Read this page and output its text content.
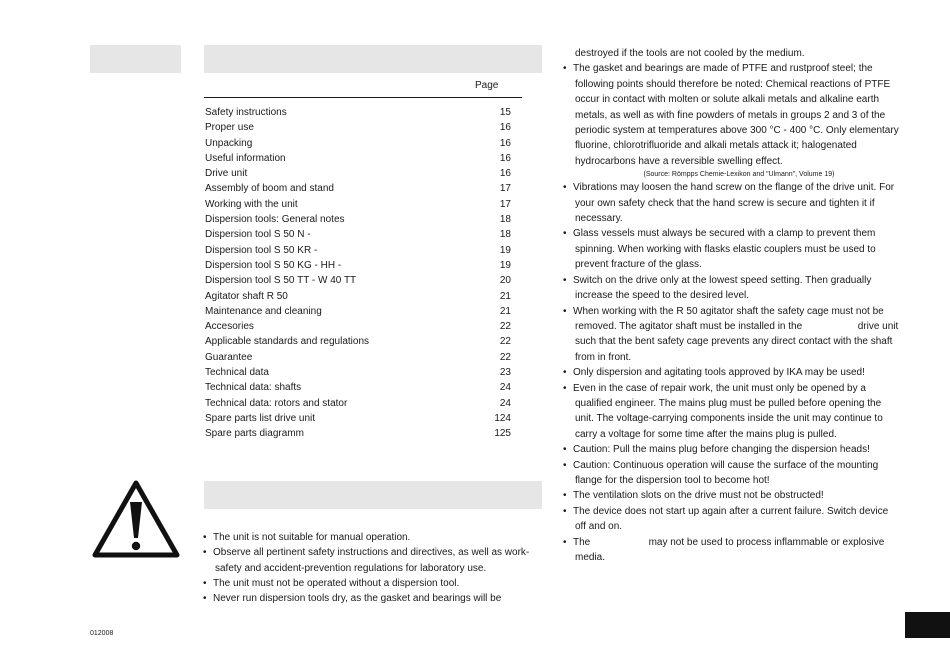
Page
Safety instructions	15
Proper use	16
Unpacking	16
Useful information	16
Drive unit	16
Assembly of boom and stand	17
Working with the unit	17
Dispersion tools: General notes	18
Dispersion tool S 50 N -	18
Dispersion tool S 50 KR -	19
Dispersion tool S 50 KG - HH -	19
Dispersion tool S 50 TT - W 40 TT	20
Agitator shaft R 50	21
Maintenance and cleaning	21
Accesories	22
Applicable standards and regulations	22
Guarantee	22
Technical data	23
Technical data: shafts	24
Technical data: rotors and stator	24
Spare parts list drive unit	124
Spare parts diagramm	125
• The unit is not suitable for manual operation.
• Observe all pertinent safety instructions and directives, as well as work-
safety and accident-prevention regulations for laboratory use.
• The unit must not be operated without a dispersion tool.
• Never run dispersion tools dry, as the gasket and bearings will be

destroyed if the tools are not cooled by the medium.

• The gasket and bearings are made of PTFE and rustproof steel; the
following points should therefore be noted: Chemical reactions of PTFE
occur in contact with molten or solute alkali metals and alkaline earth
metals, as well as with fine powders of metals in groups 2 and 3 of the
periodic system at temperatures above 300 °C - 400 °C. Only elementary
fluorine, chlorotrifluoride and alkali metals attack it; halogenated
hydrocarbons have a reversible swelling effect.

(Source: Römpps Chemie-Lexikon and "Ulmann", Volume 19)

• Vibrations may loosen the hand screw on the flange of the drive unit. For
your own safety check that the hand screw is secure and tighten it if
necessary.
• Glass vessels must always be secured with a clamp to prevent them
spinning. When working with flasks elastic couplers must be used to
prevent fracture of the glass.
• Switch on the drive only at the lowest speed setting. Then gradually
increase the speed to the desired level.
• When working with the R 50 agitator shaft the safety cage must not be
removed. The agitator shaft must be installed in the                    drive unit
such that the bent safety cage prevents any direct contact with the shaft
from in front.
• Only dispersion and agitating tools approved by IKA may be used!
• Even in the case of repair work, the unit must only be opened by a
qualified engineer. The mains plug must be pulled before opening the
unit. The voltage-carrying components inside the unit may continue to
carry a voltage for some time after the mains plug is pulled.
• Caution: Pull the mains plug before changing the dispersion heads!
• Caution: Continuous operation will cause the surface of the mounting
flange for the dispersion tool to become hot!
• The ventilation slots on the drive must not be obstructed!
• The device does not start up again after a current failure. Switch device
off and on.
• The                     may not be used to process inflammable or explosive
media.
012008
